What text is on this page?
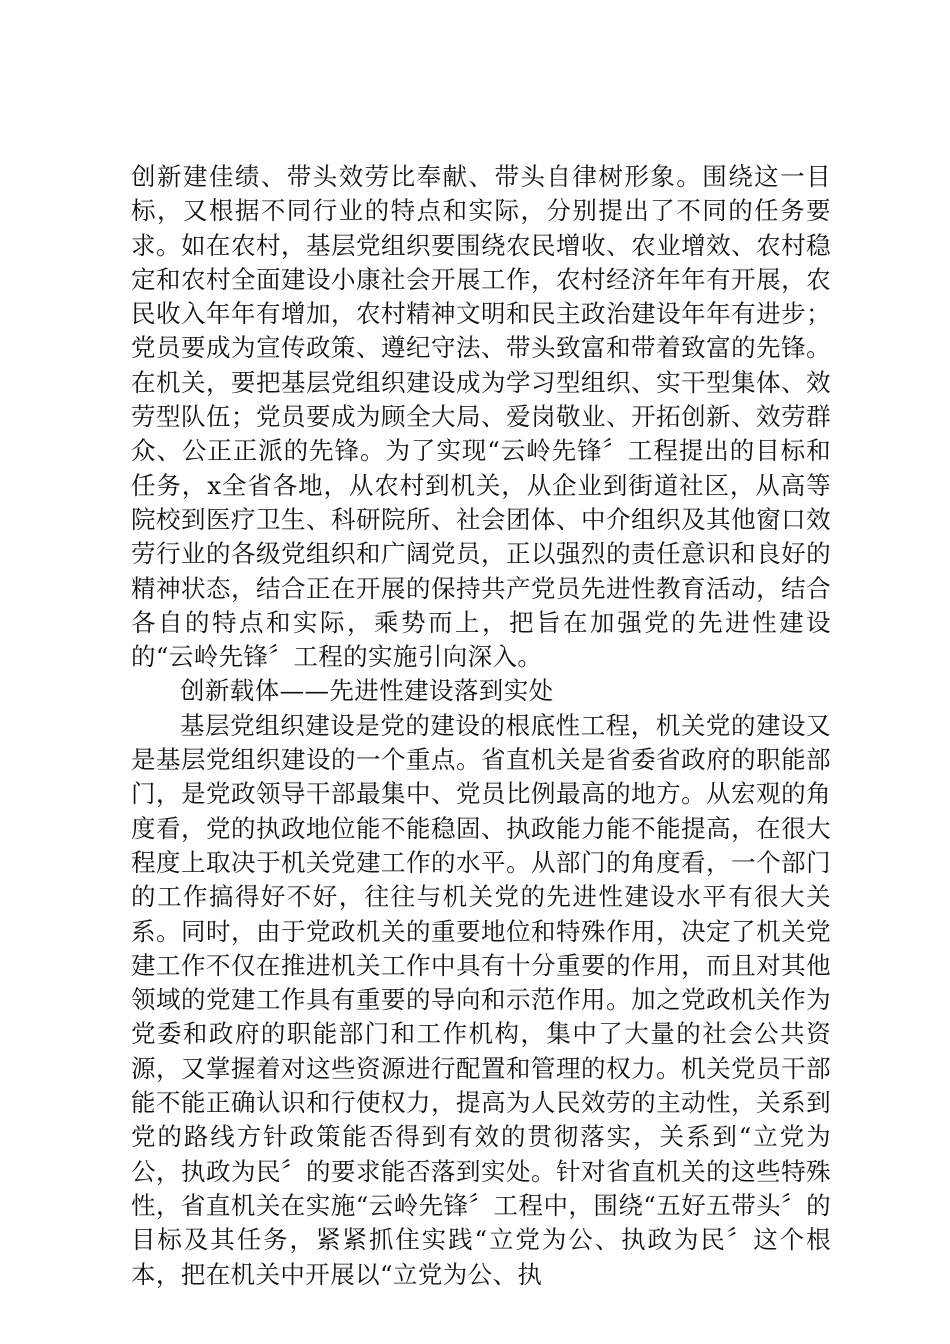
创新建佳绩、带头效劳比奉献、带头自律树形象。围绕这一目标，又根据不同行业的特点和实际，分别提出了不同的任务要求。如在农村，基层党组织要围绕农民增收、农业增效、农村稳定和农村全面建设小康社会开展工作，农村经济年年有开展，农民收入年年有增加，农村精神文明和民主政治建设年年有进步；党员要成为宣传政策、遵纪守法、带头致富和带着致富的先锋。在机关，要把基层党组织建设成为学习型组织、实干型集体、效劳型队伍；党员要成为顾全大局、爱岗敬业、开拓创新、效劳群众、公正正派的先锋。为了实现“云岭先锋〞工程提出的目标和任务，x全省各地，从农村到机关，从企业到街道社区，从高等院校到医疗卫生、科研院所、社会团体、中介组织及其他窗口效劳行业的各级党组织和广阔党员，正以强烈的责任意识和良好的精神状态，结合正在开展的保持共产党员先进性教育活动，结合各自的特点和实际，乘势而上，把旨在加强党的先进性建设的“云岭先锋〞工程的实施引向深入。

创新载体——先进性建设落到实处

基层党组织建设是党的建设的根底性工程，机关党的建设又是基层党组织建设的一个重点。省直机关是省委省政府的职能部门，是党政领导干部最集中、党员比例最高的地方。从宏观的角度看，党的执政地位能不能稳固、执政能力能不能提高，在很大程度上取决于机关党建工作的水平。从部门的角度看，一个部门的工作搞得好不好，往往与机关党的先进性建设水平有很大关系。同时，由于党政机关的重要地位和特殊作用，决定了机关党建工作不仅在推进机关工作中具有十分重要的作用，而且对其他领域的党建工作具有重要的导向和示范作用。加之党政机关作为党委和政府的职能部门和工作机构，集中了大量的社会公共资源，又掌握着对这些资源进行配置和管理的权力。机关党员干部能不能正确认识和行使权力，提高为人民效劳的主动性，关系到党的路线方针政策能否得到有效的贯彻落实，关系到“立党为公，执政为民〞的要求能否落到实处。针对省直机关的这些特殊性，省直机关在实施“云岭先锋〞工程中，围绕“五好五带头〞的目标及其任务，紧紧抓住实践“立党为公、执政为民〞这个根本，把在机关中开展以“立党为公、执
